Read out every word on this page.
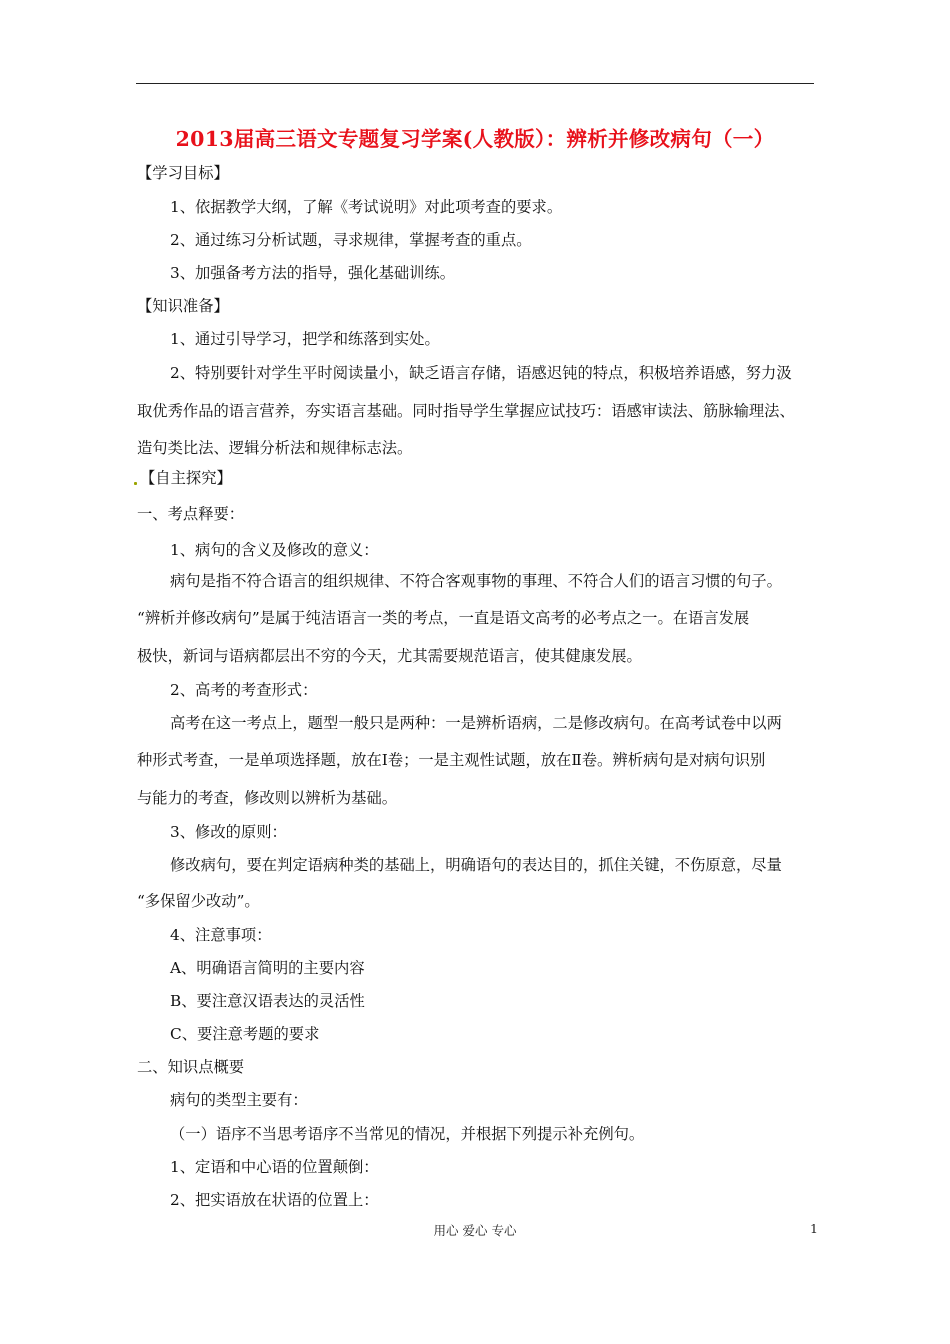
2013届高三语文专题复习学案(人教版）：辨析并修改病句（一）
【学习目标】
1、依据教学大纲，了解《考试说明》对此项考查的要求。
2、通过练习分析试题，寻求规律，掌握考查的重点。
3、加强备考方法的指导，强化基础训练。
【知识准备】
1、通过引导学习，把学和练落到实处。
2、特别要针对学生平时阅读量小，缺乏语言存储，语感迟钝的特点，积极培养语感，努力汲
取优秀作品的语言营养，夯实语言基础。同时指导学生掌握应试技巧：语感审读法、筋脉输理法、
造句类比法、逻辑分析法和规律标志法。
【自主探究】
一、考点释要：
1、病句的含义及修改的意义：
病句是指不符合语言的组织规律、不符合客观事物的事理、不符合人们的语言习惯的句子。
“辨析并修改病句”是属于纯洁语言一类的考点，一直是语文高考的必考点之一。在语言发展
极快，新词与语病都层出不穷的今天，尤其需要规范语言，使其健康发展。
2、高考的考查形式：
高考在这一考点上，题型一般只是两种：一是辨析语病，二是修改病句。在高考试卷中以两
种形式考查，一是单项选择题，放在Ⅰ卷；一是主观性试题，放在Ⅱ卷。辨析病句是对病句识别
与能力的考查，修改则以辨析为基础。
3、修改的原则：
修改病句，要在判定语病种类的基础上，明确语句的表达目的，抓住关键，不伤原意，尽量
“多保留少改动”。
4、注意事项：
A、明确语言简明的主要内容
B、要注意汉语表达的灵活性
C、要注意考题的要求
二、知识点概要
病句的类型主要有：
（一）语序不当思考语序不当常见的情况，并根据下列提示补充例句。
1、定语和中心语的位置颠倒：
2、把实语放在状语的位置上：
用心 爱心 专心	1
